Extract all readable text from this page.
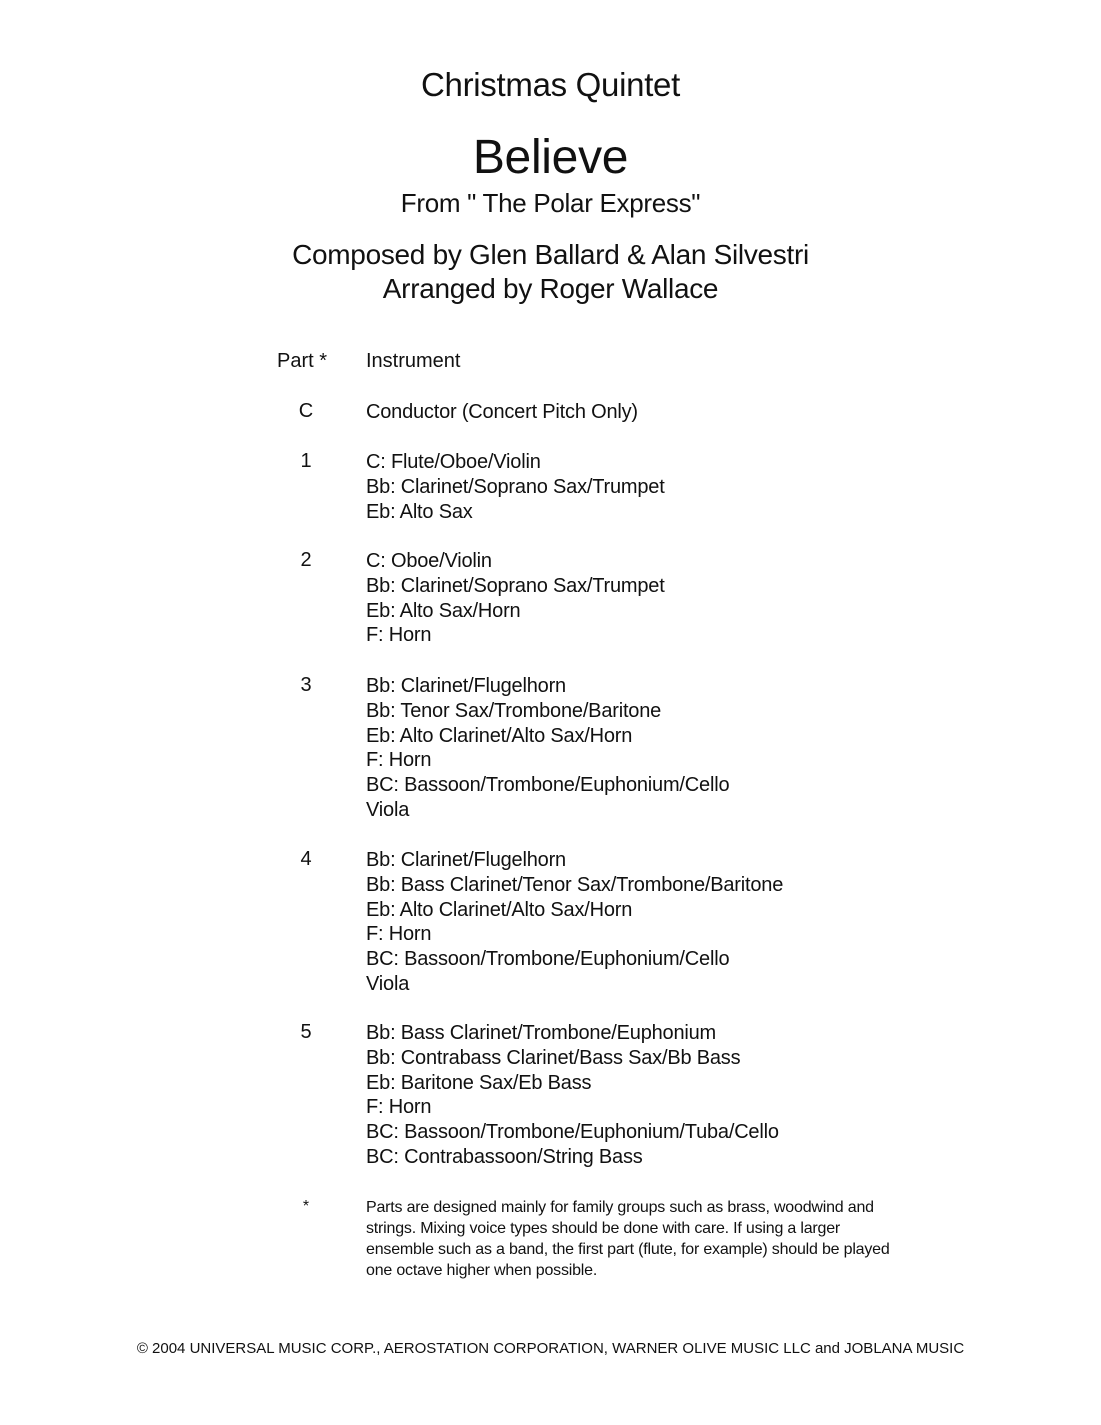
Christmas Quintet
Believe
From " The Polar Express"
Composed by Glen Ballard & Alan Silvestri
Arranged by Roger Wallace
Part * Instrument
C	Conductor (Concert Pitch Only)
1	C: Flute/Oboe/Violin
Bb: Clarinet/Soprano Sax/Trumpet
Eb: Alto Sax
2	C: Oboe/Violin
Bb: Clarinet/Soprano Sax/Trumpet
Eb: Alto Sax/Horn
F: Horn
3	Bb: Clarinet/Flugelhorn
Bb: Tenor Sax/Trombone/Baritone
Eb: Alto Clarinet/Alto Sax/Horn
F: Horn
BC: Bassoon/Trombone/Euphonium/Cello
Viola
4	Bb: Clarinet/Flugelhorn
Bb: Bass Clarinet/Tenor Sax/Trombone/Baritone
Eb: Alto Clarinet/Alto Sax/Horn
F: Horn
BC: Bassoon/Trombone/Euphonium/Cello
Viola
5	Bb: Bass Clarinet/Trombone/Euphonium
Bb: Contrabass Clarinet/Bass Sax/Bb Bass
Eb: Baritone Sax/Eb Bass
F: Horn
BC: Bassoon/Trombone/Euphonium/Tuba/Cello
BC: Contrabassoon/String Bass
*	Parts are designed mainly for family groups such as brass, woodwind and strings. Mixing voice types should be done with care. If using a larger ensemble such as a band, the first part (flute, for example) should be played one octave higher when possible.
© 2004 UNIVERSAL MUSIC CORP., AEROSTATION CORPORATION, WARNER OLIVE MUSIC LLC and JOBLANA MUSIC
